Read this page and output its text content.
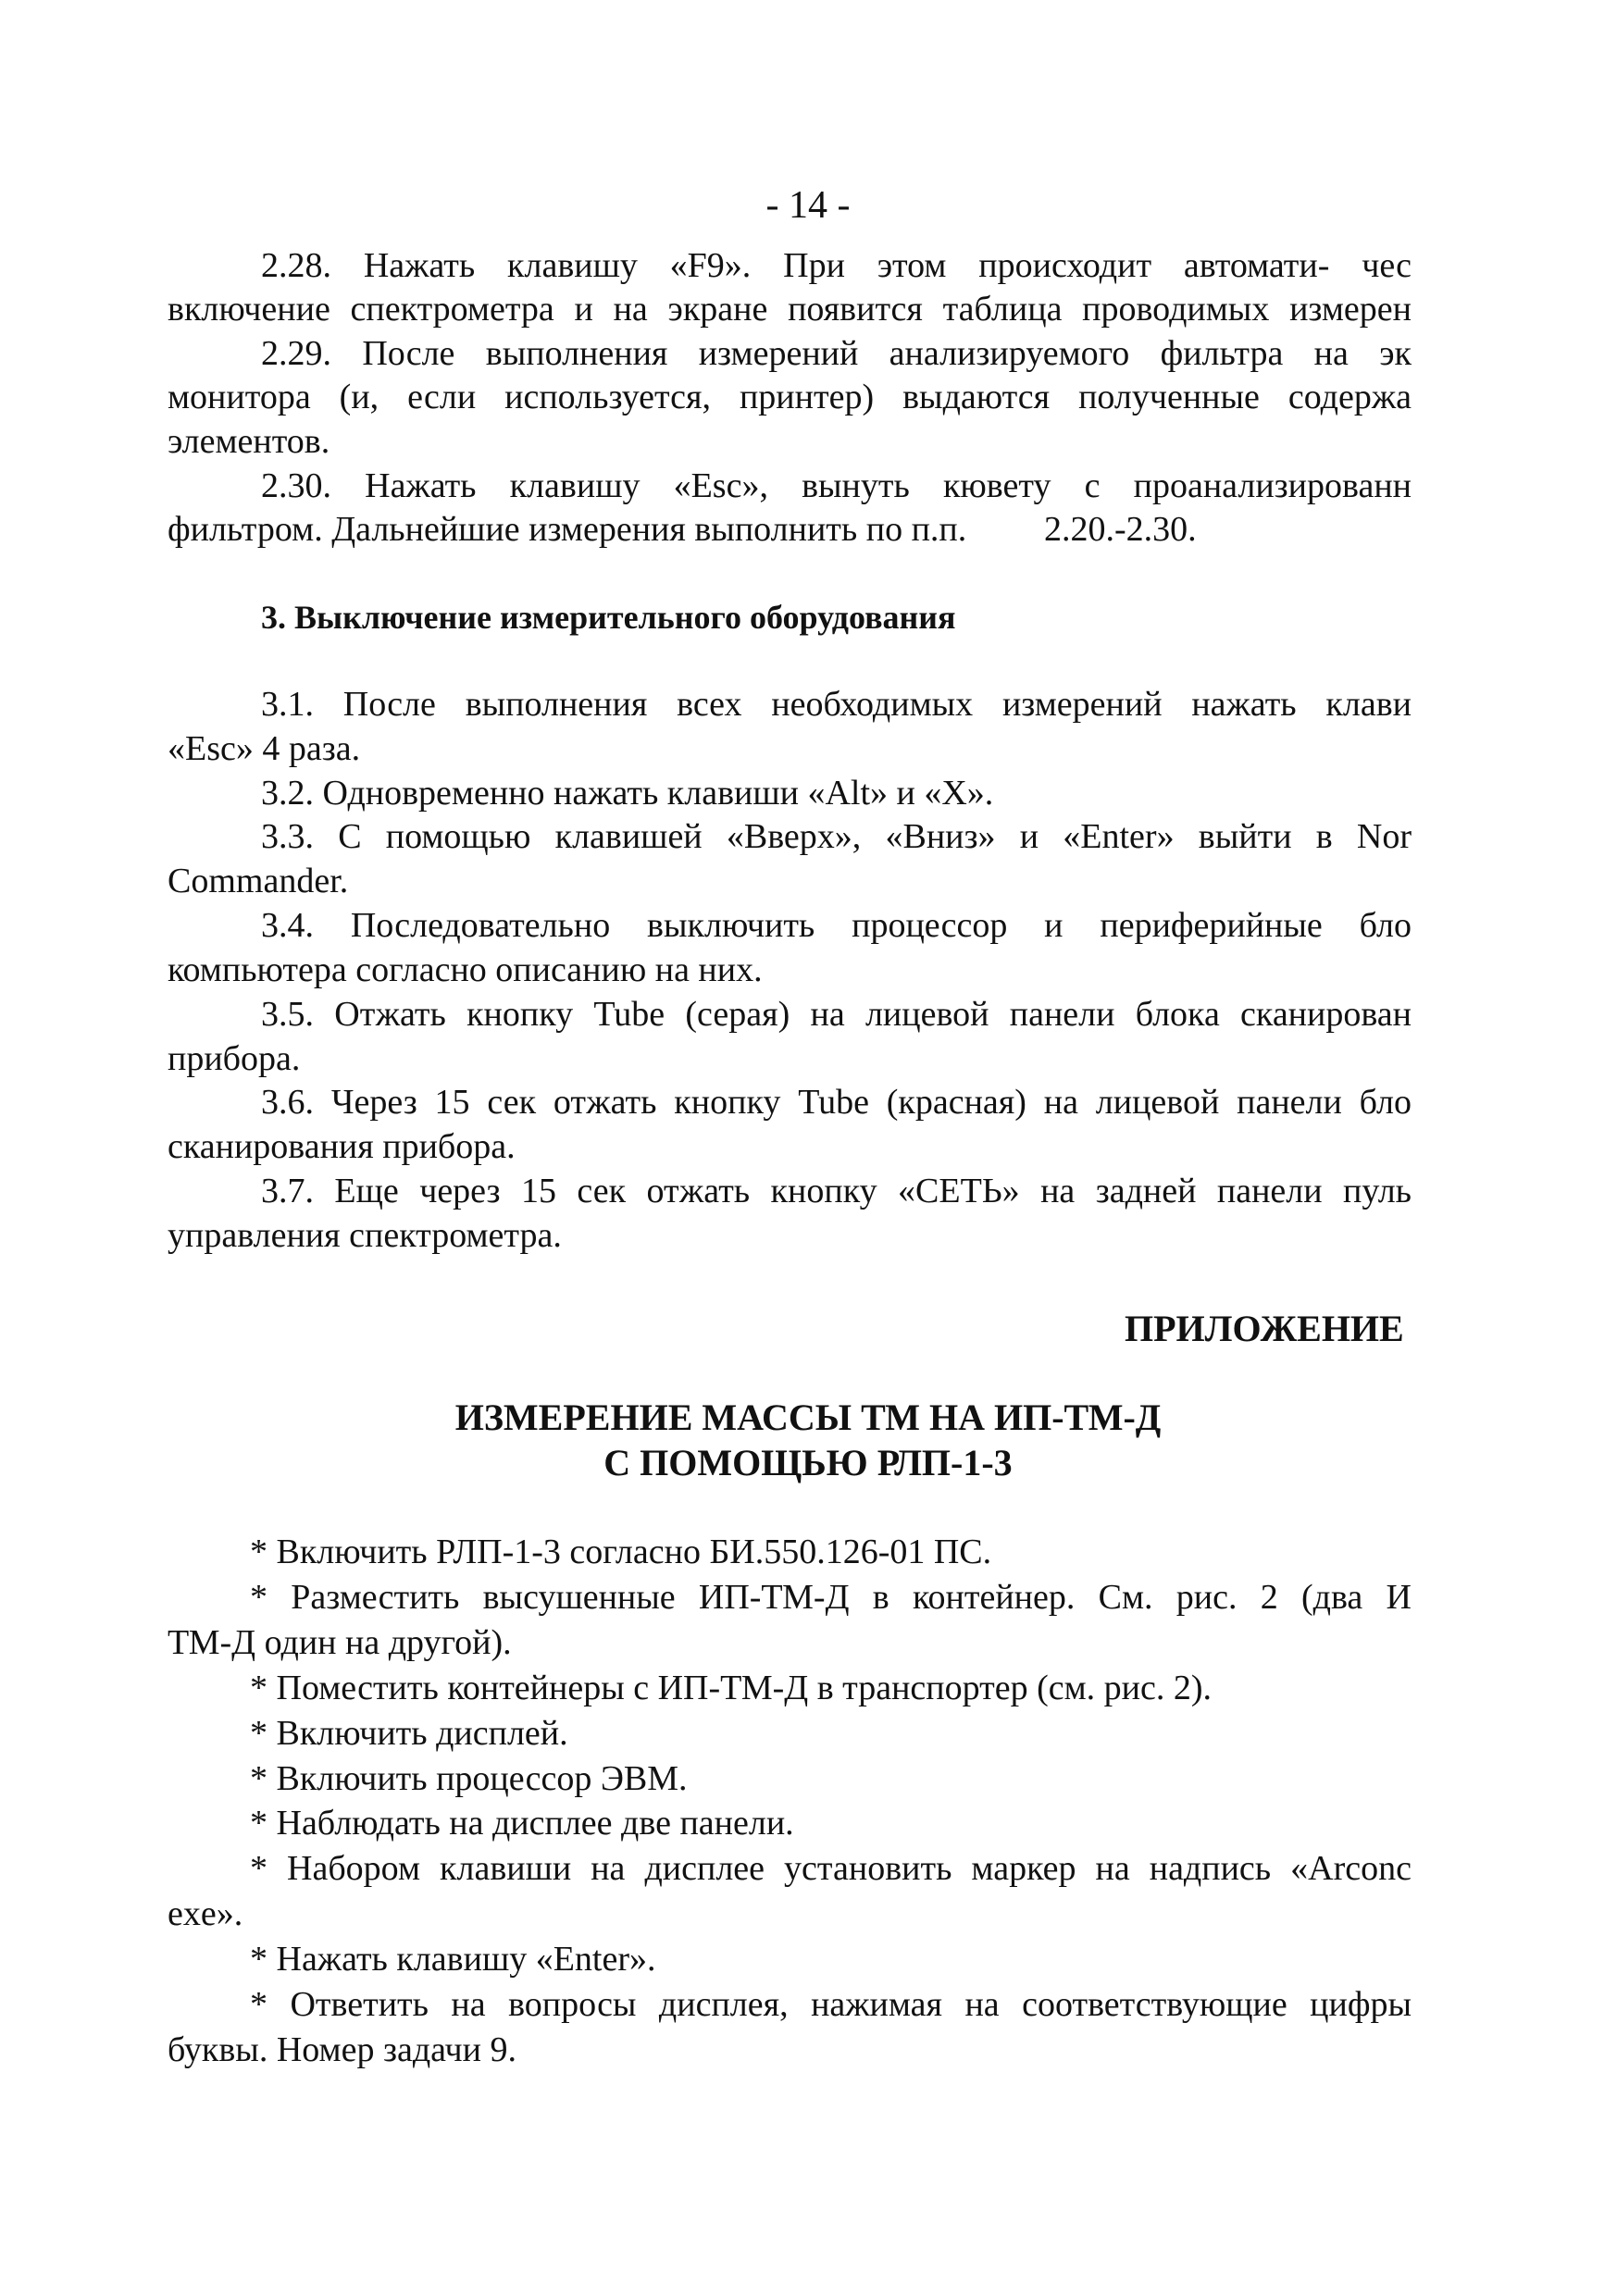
- 14 -
2.28. Нажать клавишу «F9». При этом происходит автомати- чес
включение спектрометра и на экране появится таблица проводимых измерен
2.29. После выполнения измерений анализируемого фильтра на эк
монитора (и, если используется, принтер) выдаются полученные содержа
элементов.
2.30. Нажать клавишу «Esc», вынуть кювету с проанализированн
фильтром. Дальнейшие измерения выполнить по п.п. 2.20.-2.30.
3. Выключение измерительного оборудования
3.1. После выполнения всех необходимых измерений нажать клави
«Esc» 4 раза.
3.2. Одновременно нажать клавиши «Alt» и «X».
3.3. С помощью клавишей «Вверх», «Вниз» и «Enter» выйти в Nor
Commander.
3.4. Последовательно выключить процессор и периферийные бло
компьютера согласно описанию на них.
3.5. Отжать кнопку Tube (серая) на лицевой панели блока сканирован
прибора.
3.6. Через 15 сек отжать кнопку Tube (красная) на лицевой панели бло
сканирования прибора.
3.7. Еще через 15 сек отжать кнопку «СЕТЬ» на задней панели пуль
управления спектрометра.
ПРИЛОЖЕНИЕ
ИЗМЕРЕНИЕ МАССЫ ТМ НА ИП-ТМ-Д
С ПОМОЩЬЮ РЛП-1-3
* Включить РЛП-1-3 согласно БИ.550.126-01 ПС.
* Разместить высушенные ИП-ТМ-Д в контейнер. См. рис. 2 (два И
ТМ-Д один на другой).
* Поместить контейнеры с ИП-ТМ-Д в транспортер (см. рис. 2).
* Включить дисплей.
* Включить процессор ЭВМ.
* Наблюдать на дисплее две панели.
* Набором клавиши на дисплее установить маркер на надпись «Arconc
exe».
* Нажать клавишу «Enter».
* Ответить на вопросы дисплея, нажимая на соответствующие цифры
буквы. Номер задачи 9.
